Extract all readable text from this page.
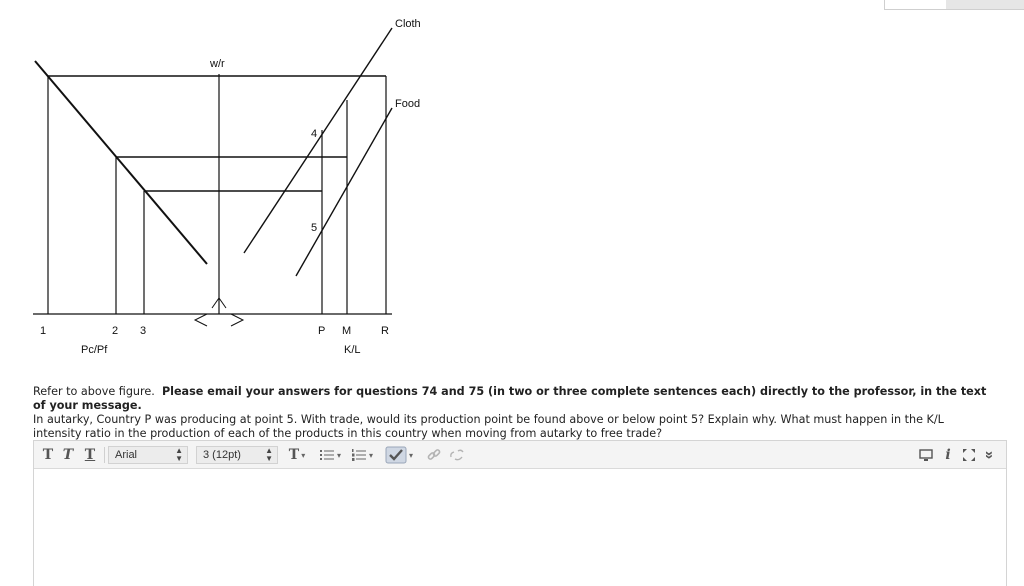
Cloth
Food
w/r
4
5
1	2 3	P M	R
Pc/Pf	K/L
Refer to above figure. Please email your answers for questions 74 and 75 (in two or three complete sentences each) directly to the professor, in the text of your message.
In autarky, Country P was producing at point 5. With trade, would its production point be found above or below point 5? Explain why. What must happen in the K/L intensity ratio in the production of each of the products in this country when moving from autarky to free trade?
T T T Arial	▲
▼ 3 (12pt)	▲
▼ T ▾	▾	▾	▾	i »
